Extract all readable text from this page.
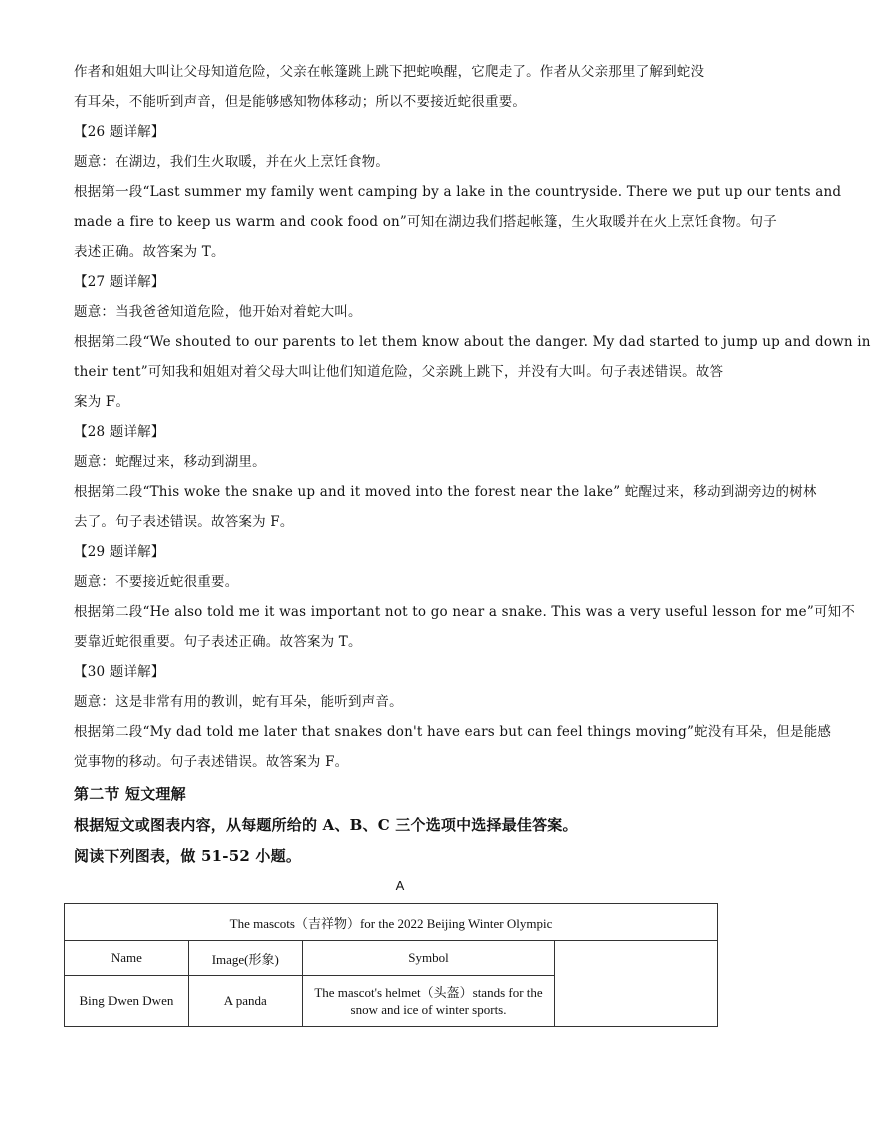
作者和姐姐大叫让父母知道危险，父亲在帐篷跳上跳下把蛇唤醒，它爬走了。作者从父亲那里了解到蛇没
有耳朵，不能听到声音，但是能够感知物体移动；所以不要接近蛇很重要。
【26 题详解】
题意：在湖边，我们生火取暖，并在火上烹饪食物。
根据第一段“Last summer my family went camping by a lake in the countryside. There we put up our tents and
made a fire to keep us warm and cook food on”可知在湖边我们搭起帐篷，生火取暖并在火上烹饪食物。句子
表述正确。故答案为 T。
【27 题详解】
题意：当我爸爸知道危险，他开始对着蛇大叫。
根据第二段“We shouted to our parents to let them know about the danger. My dad started to jump up and down in
their tent”可知我和姐姐对着父母大叫让他们知道危险，父亲跳上跳下，并没有大叫。句子表述错误。故答
案为 F。
【28 题详解】
题意：蛇醒过来，移动到湖里。
根据第二段“This woke the snake up and it moved into the forest near the lake” 蛇醒过来，移动到湖旁边的树林
去了。句子表述错误。故答案为 F。
【29 题详解】
题意：不要接近蛇很重要。
根据第二段“He also told me it was important not to go near a snake. This was a very useful lesson for me”可知不
要靠近蛇很重要。句子表述正确。故答案为 T。
【30 题详解】
题意：这是非常有用的教训，蛇有耳朵，能听到声音。
根据第二段“My dad told me later that snakes don't have ears but can feel things moving”蛇没有耳朵，但是能感
觉事物的移动。句子表述错误。故答案为 F。
第二节 短文理解
根据短文或图表内容，从每题所给的 A、B、C 三个选项中选择最佳答案。
阅读下列图表，做 51-52 小题。
A
The mascots（吉祥物）for the 2022 Beijing Winter Olympic			
Name	Image(形象)	Symbol	
Bing Dwen Dwen	A panda	The mascot's helmet（头盔）stands for the snow and ice of winter sports.	
